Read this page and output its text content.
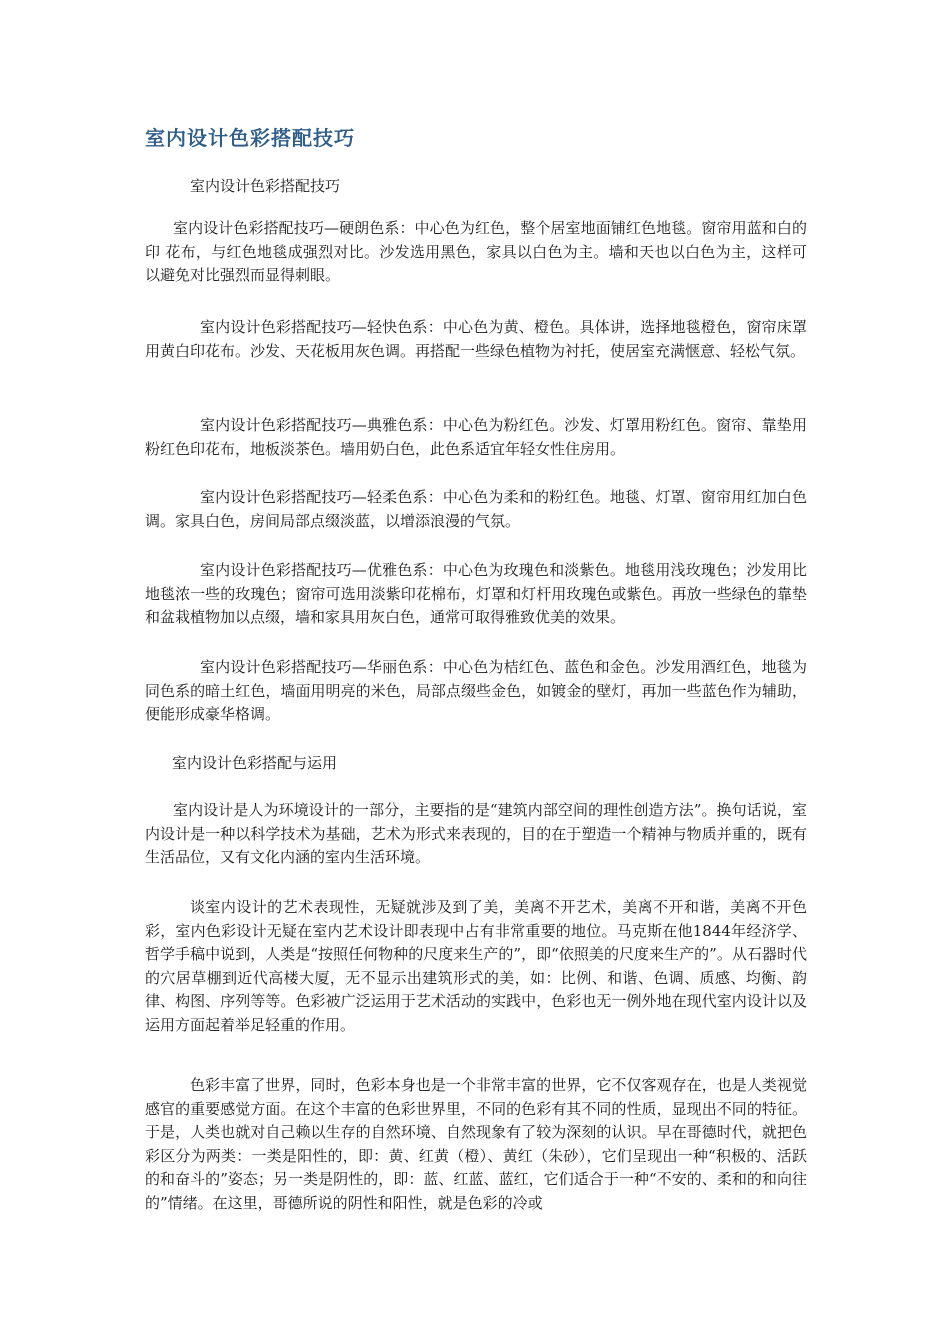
室内设计色彩搭配技巧

室内设计色彩搭配技巧

室内设计色彩搭配技巧—硬朗色系：中心色为红色，整个居室地面铺红色地毯。窗帘用蓝和白的印 花布，与红色地毯成强烈对比。沙发选用黑色，家具以白色为主。墙和天也以白色为主，这样可以避免对比强烈而显得刺眼。

室内设计色彩搭配技巧—轻快色系：中心色为黄、橙色。具体讲，选择地毯橙色，窗帘床罩用黄白印花布。沙发、天花板用灰色调。再搭配一些绿色植物为衬托，使居室充满惬意、轻松气氛。

室内设计色彩搭配技巧—典雅色系：中心色为粉红色。沙发、灯罩用粉红色。窗帘、靠垫用粉红色印花布，地板淡茶色。墙用奶白色，此色系适宜年轻女性住房用。

室内设计色彩搭配技巧—轻柔色系：中心色为柔和的粉红色。地毯、灯罩、窗帘用红加白色调。家具白色，房间局部点缀淡蓝，以增添浪漫的气氛。

室内设计色彩搭配技巧—优雅色系：中心色为玫瑰色和淡紫色。地毯用浅玫瑰色；沙发用比地毯浓一些的玫瑰色；窗帘可选用淡紫印花棉布，灯罩和灯杆用玫瑰色或紫色。再放一些绿色的靠垫和盆栽植物加以点缀，墙和家具用灰白色，通常可取得雅致优美的效果。

室内设计色彩搭配技巧—华丽色系：中心色为桔红色、蓝色和金色。沙发用酒红色，地毯为同色系的暗土红色，墙面用明亮的米色，局部点缀些金色，如镀金的壁灯，再加一些蓝色作为辅助，便能形成豪华格调。

室内设计色彩搭配与运用

室内设计是人为环境设计的一部分，主要指的是“建筑内部空间的理性创造方法”。换句话说，室内设计是一种以科学技术为基础，艺术为形式来表现的，目的在于塑造一个精神与物质并重的，既有生活品位，又有文化内涵的室内生活环境。

谈室内设计的艺术表现性，无疑就涉及到了美，美离不开艺术，美离不开和谐，美离不开色彩，室内色彩设计无疑在室内艺术设计即表现中占有非常重要的地位。马克斯在他1844年经济学、哲学手稿中说到，人类是“按照任何物种的尺度来生产的”，即“依照美的尺度来生产的”。从石器时代的穴居草棚到近代高楼大厦，无不显示出建筑形式的美，如：比例、和谐、色调、质感、均衡、韵律、构图、序列等等。色彩被广泛运用于艺术活动的实践中，色彩也无一例外地在现代室内设计以及运用方面起着举足轻重的作用。

色彩丰富了世界，同时，色彩本身也是一个非常丰富的世界，它不仅客观存在，也是人类视觉感官的重要感觉方面。在这个丰富的色彩世界里，不同的色彩有其不同的性质，显现出不同的特征。于是，人类也就对自己赖以生存的自然环境、自然现象有了较为深刻的认识。早在哥德时代，就把色彩区分为两类：一类是阳性的，即：黄、红黄（橙）、黄红（朱砂），它们呈现出一种“积极的、活跃的和奋斗的”姿态；另一类是阴性的，即：蓝、红蓝、蓝红，它们适合于一种“不安的、柔和的和向往的”情绪。在这里，哥德所说的阴性和阳性，就是色彩的冷或
